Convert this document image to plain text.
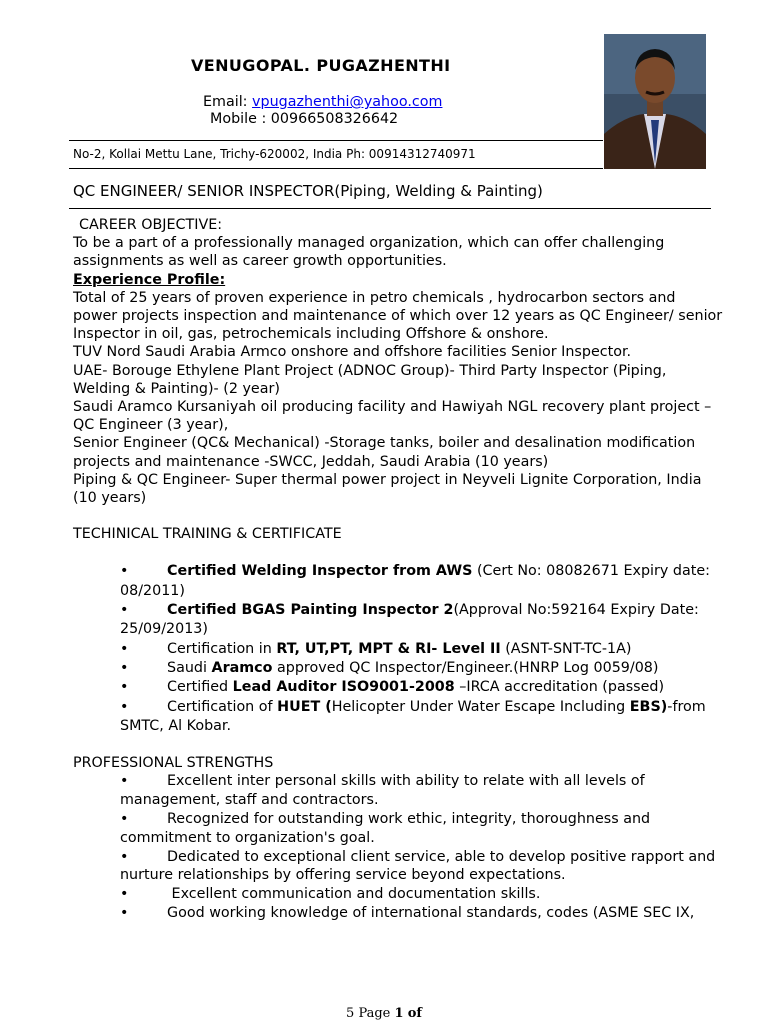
VENUGOPAL. PUGAZHENTHI
Email: vpugazhenthi@yahoo.com
Mobile : 00966508326642
No-2, Kollai Mettu Lane, Trichy-620002, India Ph: 00914312740971
QC ENGINEER/ SENIOR INSPECTOR(Piping, Welding & Painting)

CAREER OBJECTIVE:

To be a part of a professionally managed organization, which can offer challenging assignments as well as career growth opportunities.

Experience Profile:

Total of 25 years of proven experience in petro chemicals , hydrocarbon sectors and power projects inspection and maintenance of which over 12 years as QC Engineer/ senior Inspector in oil, gas, petrochemicals including Offshore & onshore.

TUV Nord Saudi Arabia Armco onshore and offshore facilities Senior Inspector.

UAE- Borouge Ethylene Plant Project (ADNOC Group)- Third Party Inspector (Piping, Welding & Painting)- (2 year)

Saudi Aramco Kursaniyah oil producing facility and Hawiyah NGL recovery plant project –QC Engineer (3 year),

Senior Engineer (QC& Mechanical) -Storage tanks, boiler and desalination modification projects and maintenance -SWCC, Jeddah, Saudi Arabia (10 years)

Piping & QC Engineer- Super thermal power project in Neyveli Lignite Corporation, India (10 years)

TECHINICAL TRAINING & CERTIFICATE

•	Certified Welding Inspector from AWS (Cert No: 08082671 Expiry date: 08/2011)

•	Certified BGAS Painting Inspector 2(Approval No:592164 Expiry Date: 25/09/2013)

•	Certification in RT, UT,PT, MPT & RI- Level II (ASNT-SNT-TC-1A)

•	Saudi Aramco approved QC Inspector/Engineer.(HNRP Log 0059/08)

•	Certified Lead Auditor ISO9001-2008 –IRCA accreditation (passed)

•	Certification of HUET (Helicopter Under Water Escape Including EBS)-from SMTC, Al Kobar.

PROFESSIONAL STRENGTHS

•	Excellent inter personal skills with ability to relate with all levels of management, staff and contractors.

•	Recognized for outstanding work ethic, integrity, thoroughness and commitment to organization's goal.

•	Dedicated to exceptional client service, able to develop positive rapport and nurture relationships by offering service beyond expectations.

•	Excellent communication and documentation skills.

•	Good working knowledge of international standards, codes (ASME SEC IX,

5 Page 1 of
